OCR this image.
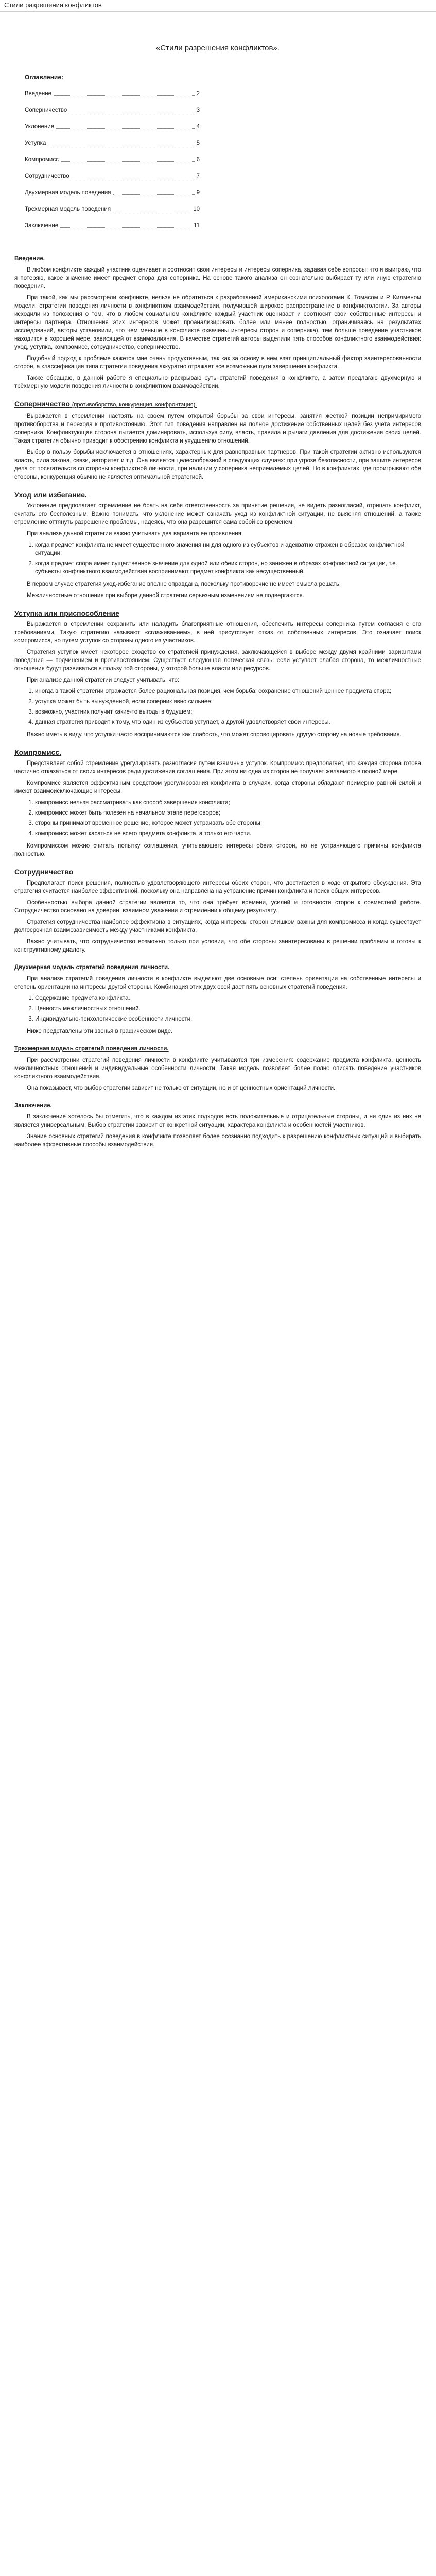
Стили разрешения конфликтов
«Стили разрешения конфликтов».
Оглавление:
Введение	2
Соперничество	3
Уклонение	4
Уступка	5
Компромисс	6
Сотрудничество	7
Двухмерная модель поведения	9
Трехмерная модель поведения	10
Заключение	11
Введение.

В любом конфликте каждый участник оценивает и соотносит свои интересы и интересы соперника, задавая себе вопросы: что я выиграю, что я потеряю, какое значение имеет предмет спора для соперника. На основе такого анализа он сознательно выбирает ту или иную стратегию поведения.

При такой, как мы рассмотрели конфликте, нельзя не обратиться к разработанной американскими психологами К. Томасом и Р. Килменом модели, стратегии поведения личности в конфликтном взаимодействии, получившей широкое распространение в конфликтологии. За авторы исходили из положения о том, что в любом социальном конфликте каждый участник оценивает и соотносит свои собственные интересы и интересы партнера. Отношения этих интересов может проанализировать более или менее полностью, ограничиваясь на результатах исследований, авторы установили, что чем меньше в конфликте охвачены интересы сторон и соперника), тем больше поведение участников находится в хорошей мере, зависящей от взаимовлияния. В качестве стратегий авторы выделили пять способов конфликтного взаимодействия: уход, уступка, компромисс, сотрудничество, соперничество.

Подобный подход к проблеме кажется мне очень продуктивным, так как за основу в нем взят принципиальный фактор заинтересованности сторон, а классификация типа стратегии поведения аккуратно отражает все возможные пути завершения конфликта.

Также обращаю, в данной работе я специально раскрываю суть стратегий поведения в конфликте, а затем предлагаю двухмерную и трёхмерную модели поведения личности в конфликтном взаимодействии.

Соперничество (противоборство, конкуренция, конфронтация).

Выражается в стремлении настоять на своем путем открытой борьбы за свои интересы, занятия жесткой позиции непримиримого противоборства и перехода к противостоянию. Этот тип поведения направлен на полное достижение собственных целей без учета интересов соперника. Конфликтующая сторона пытается доминировать, используя силу, власть, правила и рычаги давления для достижения своих целей. Такая стратегия обычно приводит к обострению конфликта и ухудшению отношений.

Выбор в пользу борьбы исключается в отношениях, характерных для равноправных партнеров. При такой стратегии активно используются власть, сила закона, связи, авторитет и т.д. Она является целесообразной в следующих случаях: при угрозе безопасности, при защите интересов дела от посягательств со стороны конфликтной личности, при наличии у соперника неприемлемых целей. Но в конфликтах, где проигрывают обе стороны, конкуренция обычно не является оптимальной стратегией.

Уход или избегание.

Уклонение предполагает стремление не брать на себя ответственность за принятие решения, не видеть разногласий, отрицать конфликт, считать его бесполезным. Важно понимать, что уклонение может означать уход из конфликтной ситуации, не выясняя отношений, а также стремление оттянуть разрешение проблемы, надеясь, что она разрешится сама собой со временем.

При анализе данной стратегии важно учитывать два варианта ее проявления:

1. когда предмет конфликта не имеет существенного значения ни для одного из субъектов и адекватно отражен в образах конфликтной ситуации;
2. когда предмет спора имеет существенное значение для одной или обеих сторон, но занижен в образах конфликтной ситуации, т.е. субъекты конфликтного взаимодействия воспринимают предмет конфликта как несущественный.

В первом случае стратегия уход-избегание вполне оправдана, поскольку противоречие не имеет смысла решать.

Межличностные отношения при выборе данной стратегии серьезным изменениям не подвергаются.

Уступка или приспособление

Выражается в стремлении сохранить или наладить благоприятные отношения, обеспечить интересы соперника путем согласия с его требованиями. Такую стратегию называют «сглаживанием», в ней присутствует отказ от собственных интересов. Это означает поиск компромисса, но путем уступок со стороны одного из участников.

Стратегия уступок имеет некоторое сходство со стратегией принуждения, заключающейся в выборе между двумя крайними вариантами поведения — подчинением и противостоянием. Существует следующая логическая связь: если уступает слабая сторона, то межличностные отношения будут развиваться в пользу той стороны, у которой больше власти или ресурсов.

При анализе данной стратегии следует учитывать, что:

1. иногда в такой стратегии отражается более рациональная позиция, чем борьба: сохранение отношений ценнее предмета спора;
2. уступка может быть вынужденной, если соперник явно сильнее;
3. возможно, участник получит какие-то выгоды в будущем;
4. данная стратегия приводит к тому, что один из субъектов уступает, а другой удовлетворяет свои интересы.

Важно иметь в виду, что уступки часто воспринимаются как слабость, что может спровоцировать другую сторону на новые требования.

Компромисс.

Представляет собой стремление урегулировать разногласия путем взаимных уступок. Компромисс предполагает, что каждая сторона готова частично отказаться от своих интересов ради достижения соглашения. При этом ни одна из сторон не получает желаемого в полной мере.

Компромисс является эффективным средством урегулирования конфликта в случаях, когда стороны обладают примерно равной силой и имеют взаимоисключающие интересы.

1. компромисс нельзя рассматривать как способ завершения конфликта;
2. компромисс может быть полезен на начальном этапе переговоров;
3. стороны принимают временное решение, которое может устраивать обе стороны;
4. компромисс может касаться не всего предмета конфликта, а только его части.

Компромиссом можно считать попытку соглашения, учитывающего интересы обеих сторон, но не устраняющего причины конфликта полностью.

Сотрудничество

Предполагает поиск решения, полностью удовлетворяющего интересы обеих сторон, что достигается в ходе открытого обсуждения. Эта стратегия считается наиболее эффективной, поскольку она направлена на устранение причин конфликта и поиск общих интересов.

Особенностью выбора данной стратегии является то, что она требует времени, усилий и готовности сторон к совместной работе. Сотрудничество основано на доверии, взаимном уважении и стремлении к общему результату.

Стратегия сотрудничества наиболее эффективна в ситуациях, когда интересы сторон слишком важны для компромисса и когда существует долгосрочная взаимозависимость между участниками конфликта.

Важно учитывать, что сотрудничество возможно только при условии, что обе стороны заинтересованы в решении проблемы и готовы к конструктивному диалогу.

Двухмерная модель стратегий поведения личности.

При анализе стратегий поведения личности в конфликте выделяют две основные оси: степень ориентации на собственные интересы и степень ориентации на интересы другой стороны. Комбинация этих двух осей дает пять основных стратегий поведения.

1. Содержание предмета конфликта.
2. Ценность межличностных отношений.
3. Индивидуально-психологические особенности личности.

Ниже представлены эти звенья в графическом виде.

Трехмерная модель стратегий поведения личности.

При рассмотрении стратегий поведения личности в конфликте учитываются три измерения: содержание предмета конфликта, ценность межличностных отношений и индивидуальные особенности личности. Такая модель позволяет более полно описать поведение участников конфликтного взаимодействия.

Она показывает, что выбор стратегии зависит не только от ситуации, но и от ценностных ориентаций личности.

Заключение.

В заключение хотелось бы отметить, что в каждом из этих подходов есть положительные и отрицательные стороны, и ни один из них не является универсальным. Выбор стратегии зависит от конкретной ситуации, характера конфликта и особенностей участников.

Знание основных стратегий поведения в конфликте позволяет более осознанно подходить к разрешению конфликтных ситуаций и выбирать наиболее эффективные способы взаимодействия.
